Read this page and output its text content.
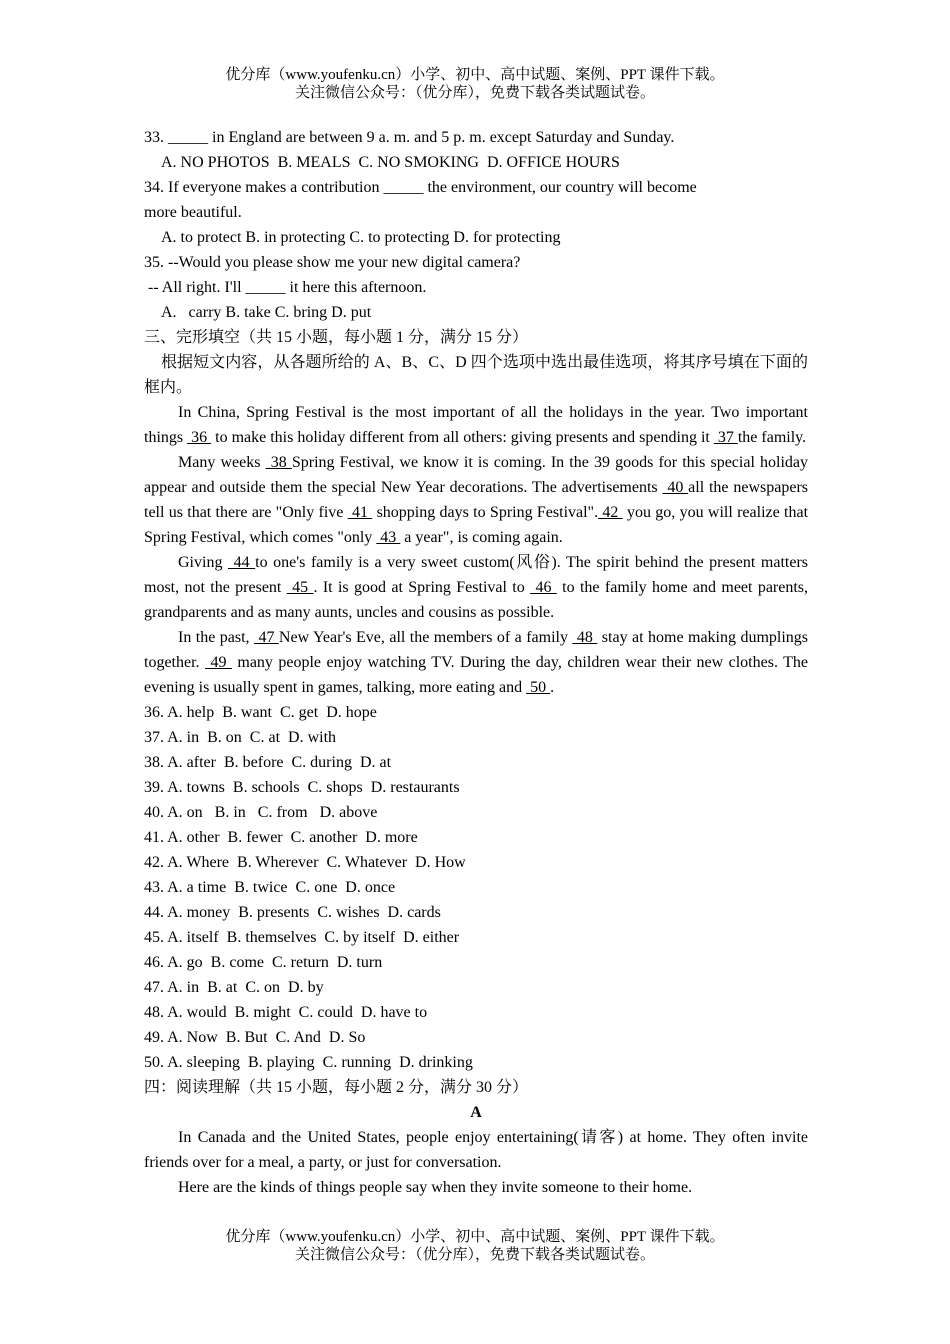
优分库（www.youfenku.cn）小学、初中、高中试题、案例、PPT 课件下载。
关注微信公众号：（优分库），免费下载各类试题试卷。
33. _____ in England are between 9 a. m. and 5 p. m. except Saturday and Sunday.
A. NO PHOTOS  B. MEALS  C. NO SMOKING  D. OFFICE HOURS
34. If everyone makes a contribution _____ the environment, our country will become
more beautiful.
A. to protect B. in protecting C. to protecting D. for protecting
35. --Would you please show me your new digital camera?
-- All right. I'll _____ it here this afternoon.
A.   carry B. take C. bring D. put
三、完形填空（共 15 小题，每小题 1 分，满分 15 分）
根据短文内容，从各题所给的 A、B、C、D 四个选项中选出最佳选项，将其序号填在下面的框内。
In China, Spring Festival is the most important of all the holidays in the year. Two important things  36  to make this holiday different from all others: giving presents and spending it  37 the family.
Many weeks  38 Spring Festival, we know it is coming. In the 39 goods for this special holiday appear and outside them the special New Year decorations. The advertisements  40 all the newspapers tell us that there are "Only five  41  shopping days to Spring Festival". 42  you go, you will realize that Spring Festival, which comes "only  43  a year", is coming again.
Giving  44 to one's family is a very sweet custom(风俗). The spirit behind the present matters most, not the present  45 . It is good at Spring Festival to  46  to the family home and meet parents, grandparents and as many aunts, uncles and cousins as possible.
In the past,  47 New Year's Eve, all the members of a family  48  stay at home making dumplings together.  49  many people enjoy watching TV. During the day, children wear their new clothes. The evening is usually spent in games, talking, more eating and  50 .
36. A. help  B. want  C. get  D. hope
37. A. in  B. on  C. at  D. with
38. A. after  B. before  C. during  D. at
39. A. towns  B. schools  C. shops  D. restaurants
40. A. on   B. in   C. from   D. above
41. A. other  B. fewer  C. another  D. more
42. A. Where  B. Wherever  C. Whatever  D. How
43. A. a time  B. twice  C. one  D. once
44. A. money  B. presents  C. wishes  D. cards
45. A. itself  B. themselves  C. by itself  D. either
46. A. go  B. come  C. return  D. turn
47. A. in  B. at  C. on  D. by
48. A. would  B. might  C. could  D. have to
49. A. Now  B. But  C. And  D. So
50. A. sleeping  B. playing  C. running  D. drinking
四：阅读理解（共 15 小题，每小题 2 分，满分 30 分）
A
In Canada and the United States, people enjoy entertaining(请客) at home. They often invite friends over for a meal, a party, or just for conversation.
Here are the kinds of things people say when they invite someone to their home.
优分库（www.youfenku.cn）小学、初中、高中试题、案例、PPT 课件下载。
关注微信公众号：（优分库），免费下载各类试题试卷。
